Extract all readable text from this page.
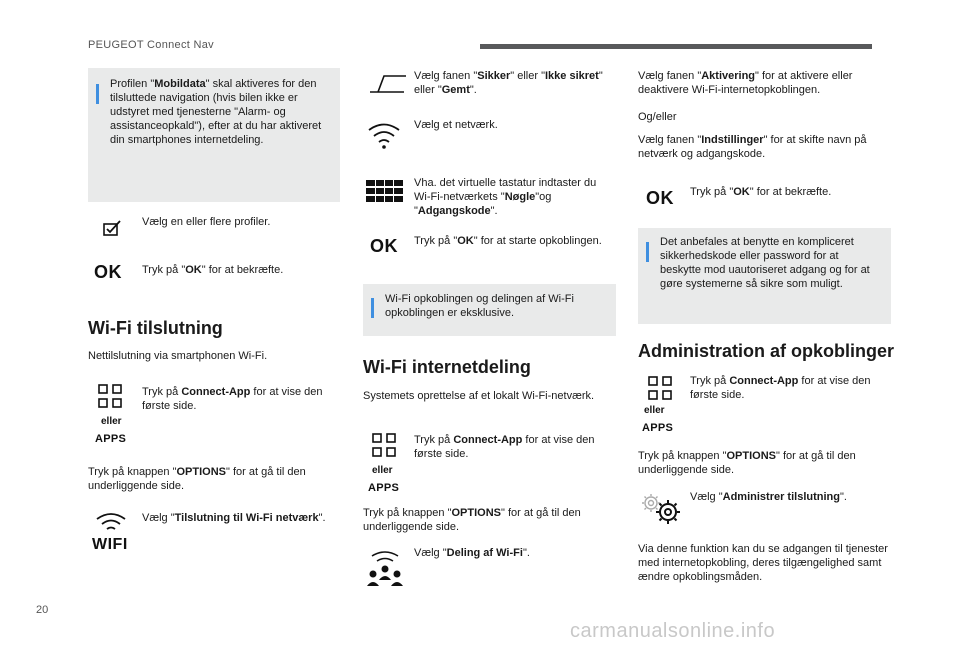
PEUGEOT Connect Nav
Profilen "Mobildata" skal aktiveres for den tilsluttede navigation (hvis bilen ikke er udstyret med tjenesterne "Alarm- og assistanceopkald"), efter at du har aktiveret din smartphones internetdeling.
Vælg en eller flere profiler.
OK Tryk på "OK" for at bekræfte.
Wi-Fi tilslutning
Nettilslutning via smartphonen Wi-Fi.
eller
APPS
Tryk på Connect-App for at vise den første side.
Tryk på knappen "OPTIONS" for at gå til den underliggende side.
WIFI
Vælg "Tilslutning til Wi-Fi netværk".
Vælg fanen "Sikker" eller "Ikke sikret" eller "Gemt".
Vælg et netværk.
Vha. det virtuelle tastatur indtaster du Wi-Fi-netværkets "Nøgle"og "Adgangskode".
OK Tryk på "OK" for at starte opkoblingen.
Wi-Fi opkoblingen og delingen af Wi-Fi opkoblingen er eksklusive.
Wi-Fi internetdeling
Systemets oprettelse af et lokalt Wi-Fi-netværk.
eller
APPS
Tryk på Connect-App for at vise den første side.
Tryk på knappen "OPTIONS" for at gå til den underliggende side.
Vælg "Deling af Wi-Fi".
Vælg fanen "Aktivering" for at aktivere eller deaktivere Wi-Fi-internetopkoblingen.
Og/eller
Vælg fanen "Indstillinger" for at skifte navn på netværk og adgangskode.
OK Tryk på "OK" for at bekræfte.
Det anbefales at benytte en kompliceret sikkerhedskode eller password for at beskytte mod uautoriseret adgang og for at gøre systemerne så sikre som muligt.
Administration af opkoblinger
eller
APPS
Tryk på Connect-App for at vise den første side.
Tryk på knappen "OPTIONS" for at gå til den underliggende side.
Vælg "Administrer tilslutning".
Via denne funktion kan du se adgangen til tjenester med internetopkobling, deres tilgængelighed samt ændre opkoblingsmåden.
20
carmanualsonline.info
